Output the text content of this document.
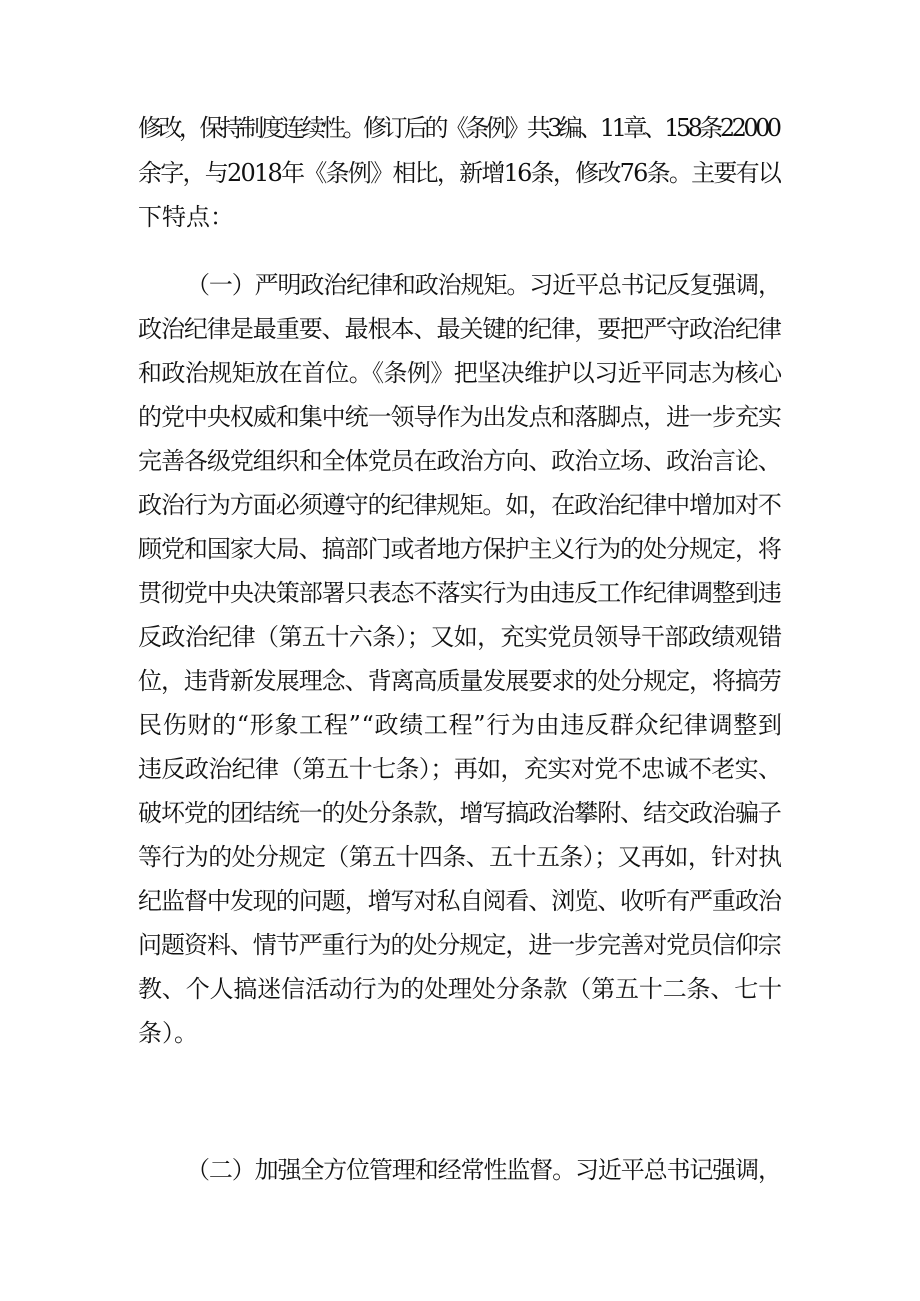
修改，保持制度连续性。修订后的《条例》共3编、11章、158条22000
余字，与2018年《条例》相比，新增16条，修改76条。主要有以
下特点：
（一）严明政治纪律和政治规矩。习近平总书记反复强调，
政治纪律是最重要、最根本、最关键的纪律，要把严守政治纪律
和政治规矩放在首位。《条例》把坚决维护以习近平同志为核心
的党中央权威和集中统一领导作为出发点和落脚点，进一步充实
完善各级党组织和全体党员在政治方向、政治立场、政治言论、
政治行为方面必须遵守的纪律规矩。如，在政治纪律中增加对不
顾党和国家大局、搞部门或者地方保护主义行为的处分规定，将
贯彻党中央决策部署只表态不落实行为由违反工作纪律调整到违
反政治纪律（第五十六条）；又如，充实党员领导干部政绩观错
位，违背新发展理念、背离高质量发展要求的处分规定，将搞劳
民伤财的“形象工程”“政绩工程”行为由违反群众纪律调整到
违反政治纪律（第五十七条）；再如，充实对党不忠诚不老实、
破坏党的团结统一的处分条款，增写搞政治攀附、结交政治骗子
等行为的处分规定（第五十四条、五十五条）；又再如，针对执
纪监督中发现的问题，增写对私自阅看、浏览、收听有严重政治
问题资料、情节严重行为的处分规定，进一步完善对党员信仰宗
教、个人搞迷信活动行为的处理处分条款（第五十二条、七十
条）。
（二）加强全方位管理和经常性监督。习近平总书记强调，
